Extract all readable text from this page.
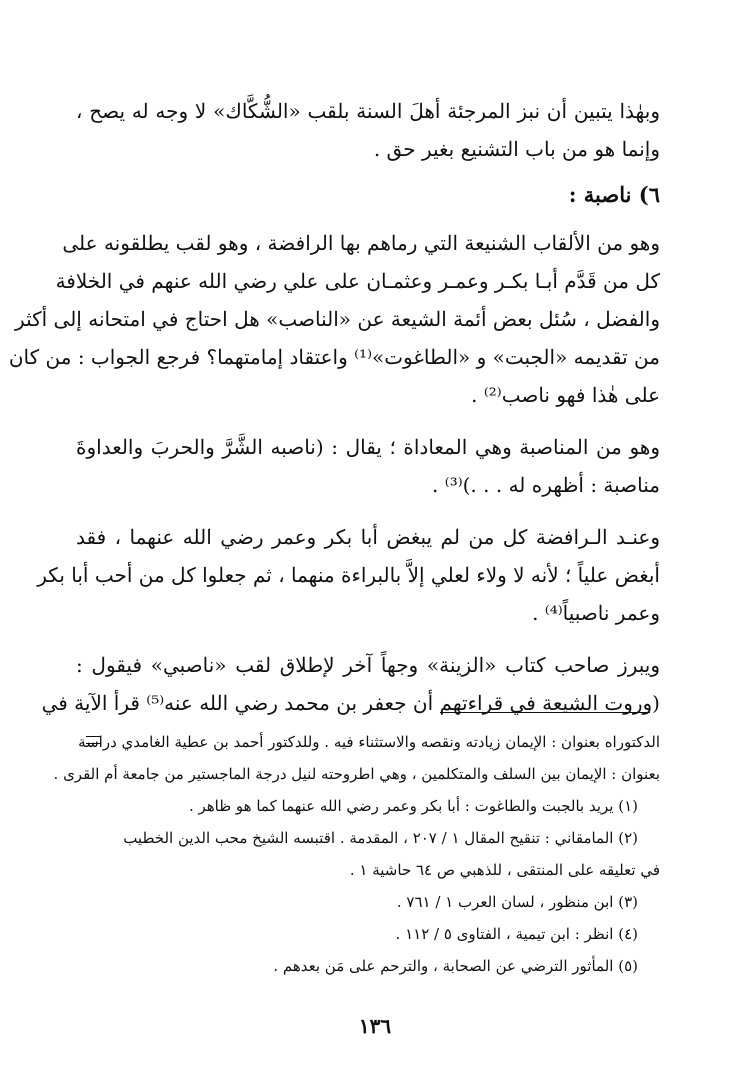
وبهٰذا يتبين أن نبز المرجئة أهلَ السنة بلقب «الشُّكَّاك» لا وجه له يصح ،
وإنما هو من باب التشنيع بغير حق .
٦) ناصبة :
وهو من الألقاب الشنيعة التي رماهم بها الرافضة ، وهو لقب يطلقونه على
كل من قَدَّم أبـا بكـر وعمـر وعثمـان على علي رضي الله عنهم في الخلافة
والفضل ، سُئل بعض أئمة الشيعة عن «الناصب» هل احتاج في امتحانه إلى أكثر
من تقديمه «الجبت» و «الطاغوت»⁽¹⁾ واعتقاد إمامتهما؟ فرجع الجواب : من كان
على هٰذا فهو ناصب⁽²⁾ .
وهو من المناصبة وهي المعاداة ؛ يقال : (ناصبه الشَّرَّ والحربَ والعداوةَ
مناصبة : أظهره له . . .)⁽³⁾ .
وعنـد الـرافضة كل من لم يبغض أبا بكر وعمر رضي الله عنهما ، فقد
أبغض علياً ؛ لأنه لا ولاء لعلي إلاَّ بالبراءة منهما ، ثم جعلوا كل من أحب أبا بكر
وعمر ناصبياً⁽⁴⁾ .
ويبرز صاحب كتاب «الزينة» وجهاً آخر لإطلاق لقب «ناصبي» فيقول :
(وروت الشيعة في قراءتهم أن جعفر بن محمد رضي الله عنه⁽⁵⁾ قرأ الآية في
الدكتوراه بعنوان : الإيمان زيادته ونقصه والاستثناء فيه . وللدكتور أحمد بن عطية الغامدي دراسة
بعنوان : الإيمان بين السلف والمتكلمين ، وهي اطروحته لنيل درجة الماجستير من جامعة أم القرى .
(١) يريد بالجبت والطاغوت : أبا بكر وعمر رضي الله عنهما كما هو ظاهر .
(٢) المامقاني : تنقيح المقال ١ / ٢٠٧ ، المقدمة . اقتبسه الشيخ محب الدين الخطيب
في تعليقه على المنتقى ، للذهبي ص ٦٤ حاشية ١ .
(٣) ابن منظور ، لسان العرب ١ / ٧٦١ .
(٤) انظر : ابن تيمية ، الفتاوى ٥ / ١١٢ .
(٥) المأثور الترضي عن الصحابة ، والترحم على مَن بعدهم .
١٣٦
